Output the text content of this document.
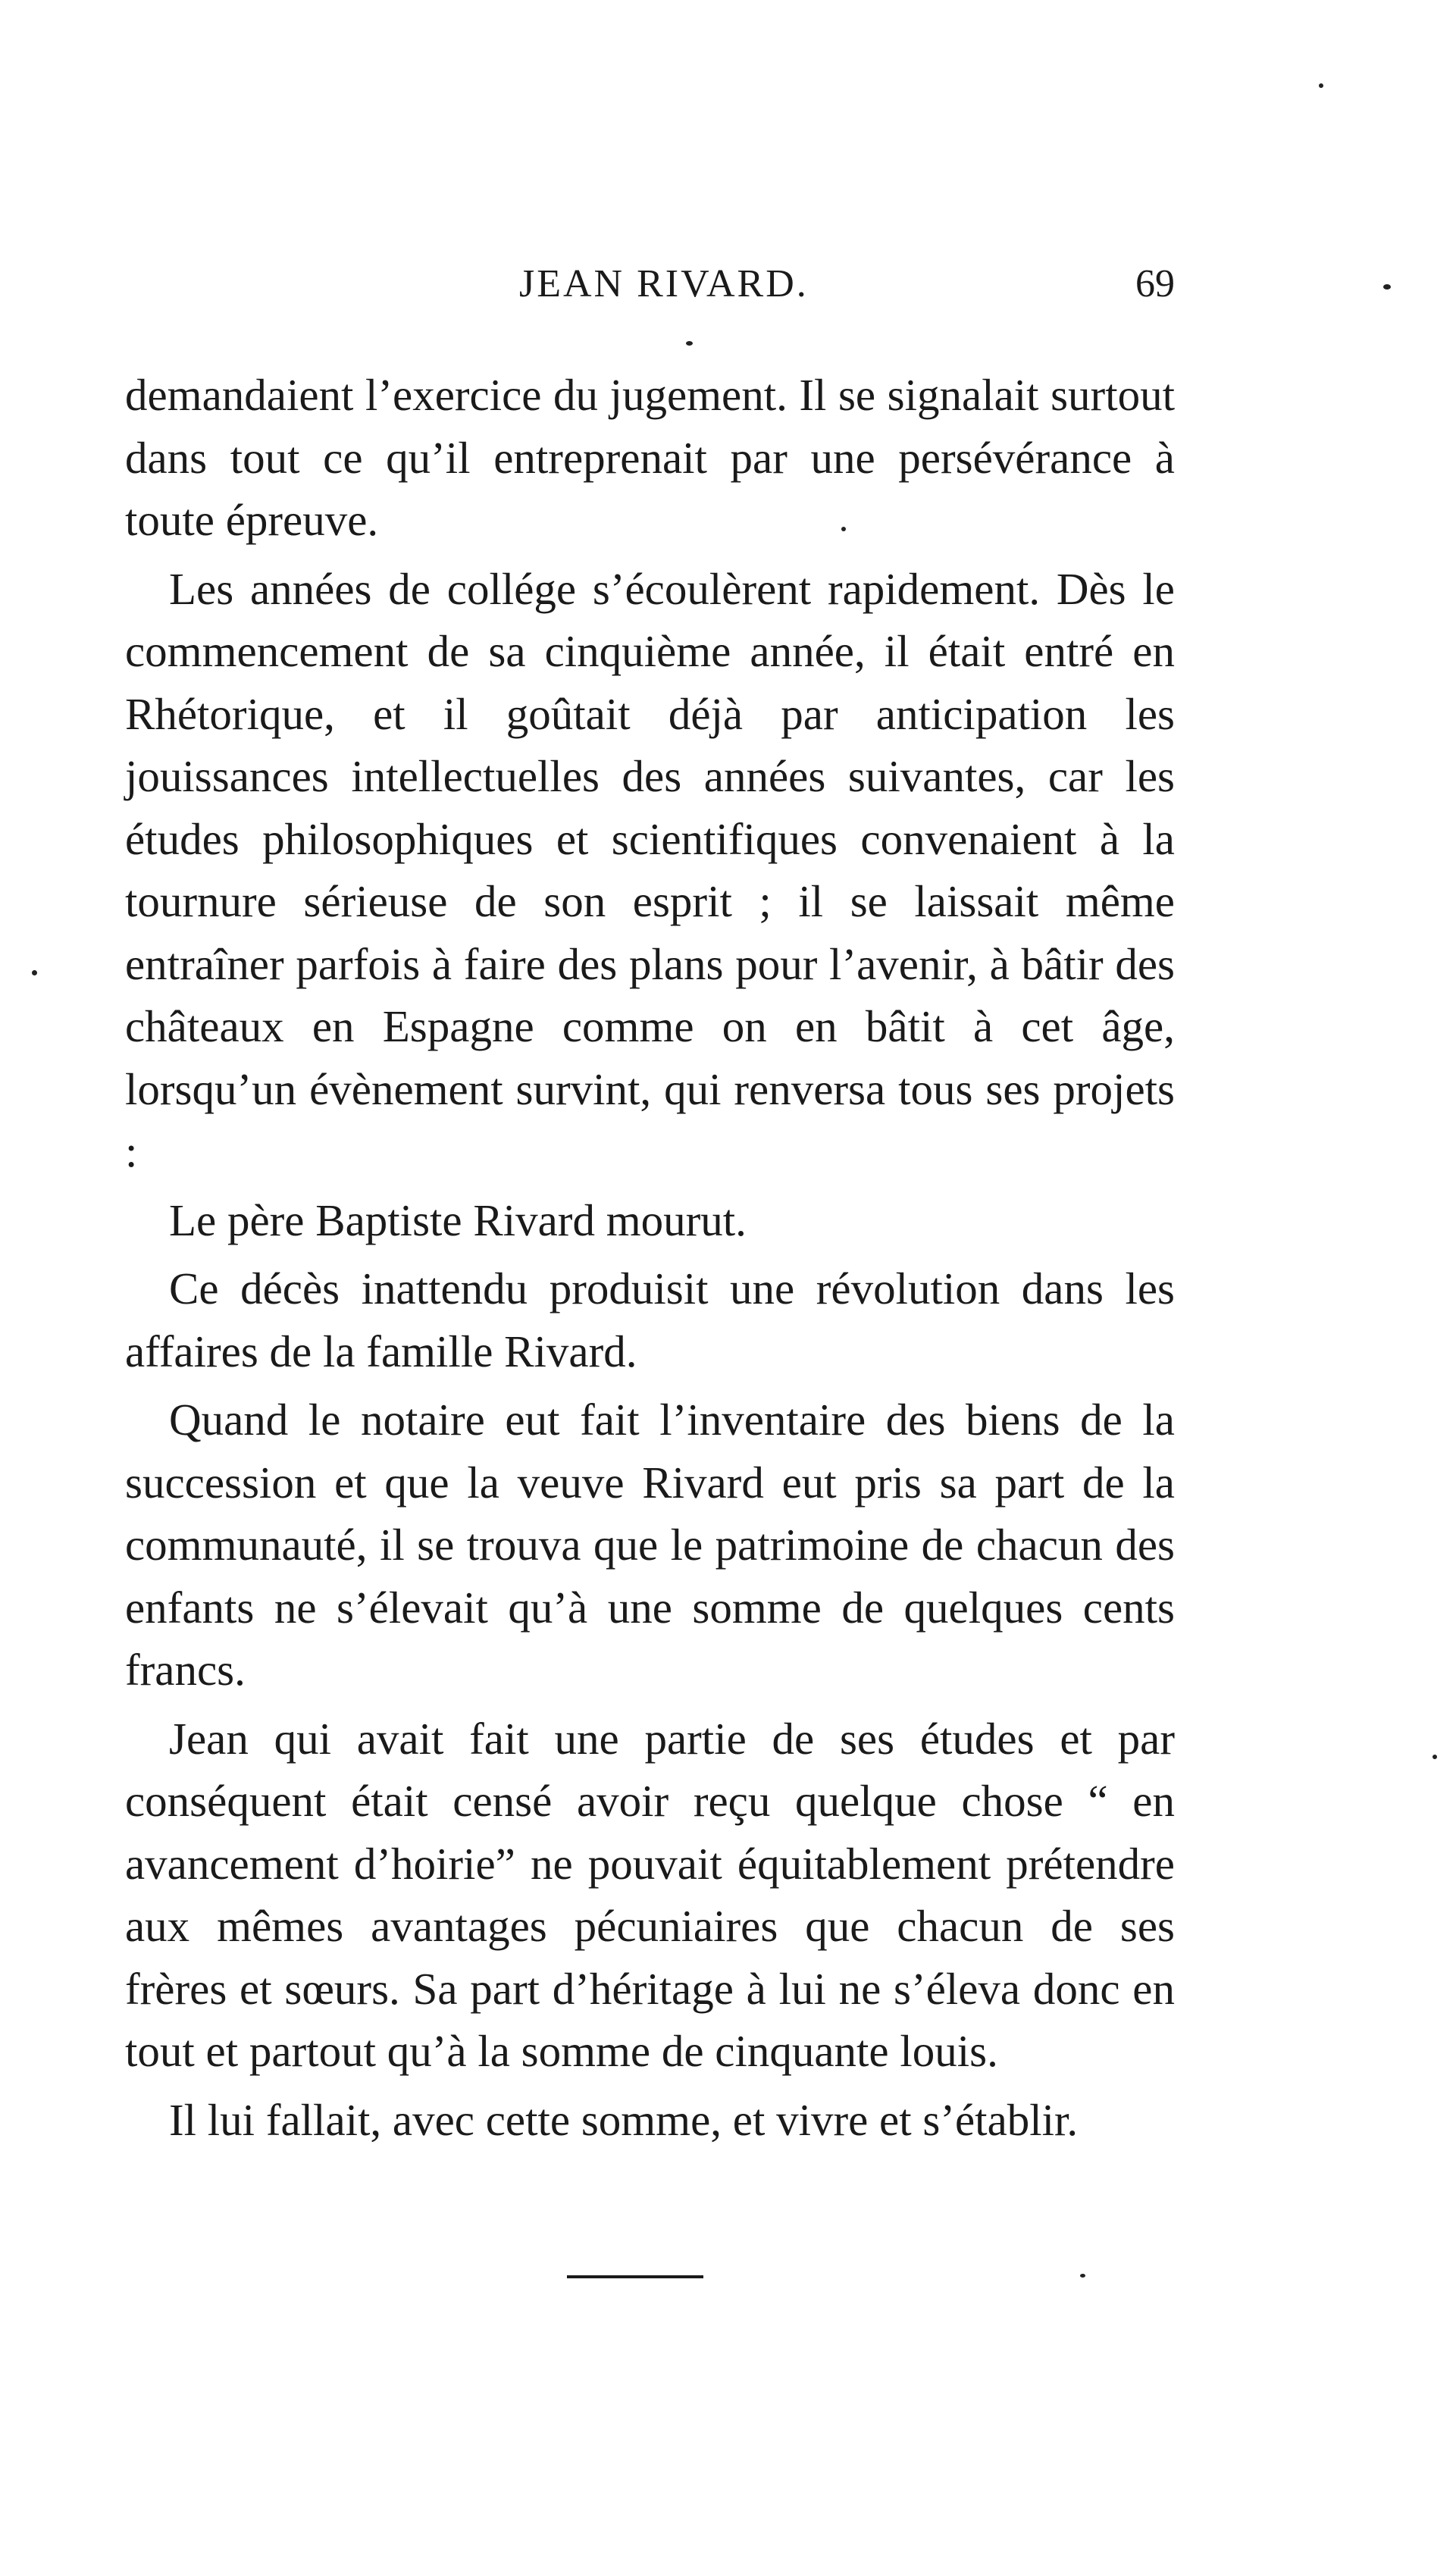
JEAN RIVARD.	69

demandaient l’exercice du jugement. Il se signalait surtout dans tout ce qu’il entreprenait par une persévérance à toute épreuve.

Les années de collége s’écoulèrent rapidement. Dès le commencement de sa cinquième année, il était entré en Rhétorique, et il goûtait déjà par anticipation les jouissances intellectuelles des années suivantes, car les études philosophiques et scientifiques convenaient à la tournure sérieuse de son esprit ; il se laissait même entraîner parfois à faire des plans pour l’avenir, à bâtir des châteaux en Espagne comme on en bâtit à cet âge, lorsqu’un évènement survint, qui renversa tous ses projets :

Le père Baptiste Rivard mourut.

Ce décès inattendu produisit une révolution dans les affaires de la famille Rivard.

Quand le notaire eut fait l’inventaire des biens de la succession et que la veuve Rivard eut pris sa part de la communauté, il se trouva que le patrimoine de chacun des enfants ne s’élevait qu’à une somme de quelques cents francs.

Jean qui avait fait une partie de ses études et par conséquent était censé avoir reçu quelque chose “ en avancement d’hoirie” ne pouvait équitablement prétendre aux mêmes avantages pécuniaires que chacun de ses frères et sœurs. Sa part d’héritage à lui ne s’éleva donc en tout et partout qu’à la somme de cinquante louis.

Il lui fallait, avec cette somme, et vivre et s’établir.
